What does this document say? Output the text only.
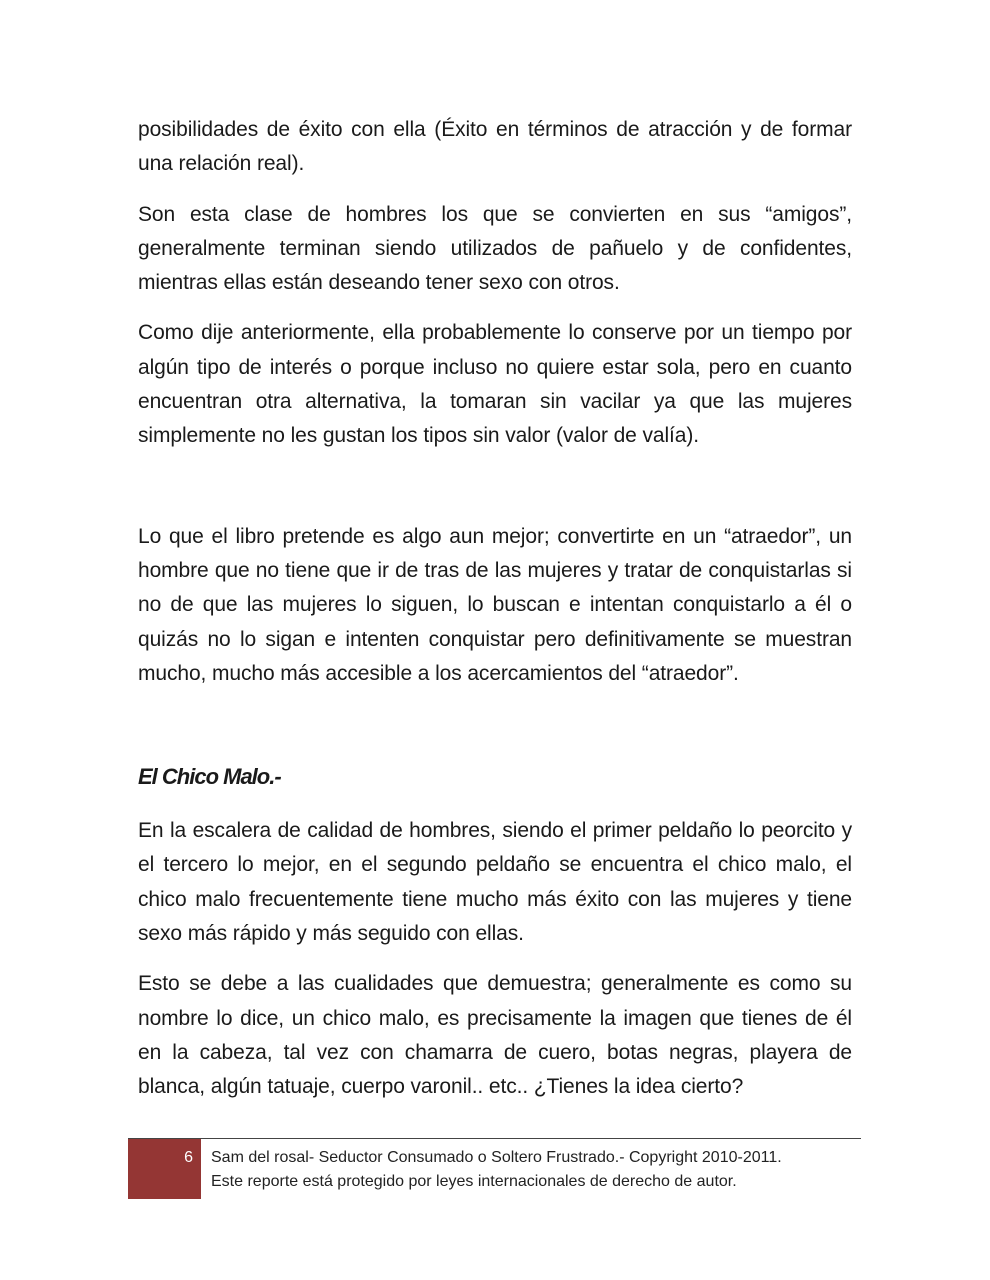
posibilidades de éxito con ella (Éxito en términos de atracción y de formar una relación real).

Son esta clase de hombres los que se convierten en sus “amigos”, generalmente terminan siendo utilizados de pañuelo y de confidentes, mientras ellas están deseando tener sexo con otros.

Como dije anteriormente, ella probablemente lo conserve por un tiempo por algún tipo de interés o porque incluso no quiere estar sola, pero en cuanto encuentran otra alternativa, la tomaran sin vacilar ya que las mujeres simplemente no les gustan los tipos sin valor (valor de valía).

Lo que el libro pretende es algo aun mejor; convertirte en un “atraedor”, un hombre que no tiene que ir de tras de las mujeres y tratar de conquistarlas si no de que las mujeres lo siguen, lo buscan e intentan conquistarlo a él o quizás no lo sigan e intenten conquistar pero definitivamente se muestran mucho, mucho más accesible a los acercamientos del “atraedor”.

El Chico Malo.-

En la escalera de calidad de hombres, siendo el primer peldaño lo peorcito y el tercero lo mejor, en el segundo peldaño se encuentra el chico malo, el chico malo frecuentemente tiene mucho más éxito con las mujeres y tiene sexo más rápido y más seguido con ellas.

Esto se debe a las cualidades que demuestra; generalmente es como su nombre lo dice, un chico malo, es precisamente la imagen que tienes de él en la cabeza, tal vez con chamarra de cuero, botas negras, playera de blanca, algún tatuaje, cuerpo varonil.. etc.. ¿Tienes la idea cierto?

6 Sam del rosal- Seductor Consumado o Soltero Frustrado.- Copyright 2010-2011.
Este reporte está protegido por leyes internacionales de derecho de autor.
